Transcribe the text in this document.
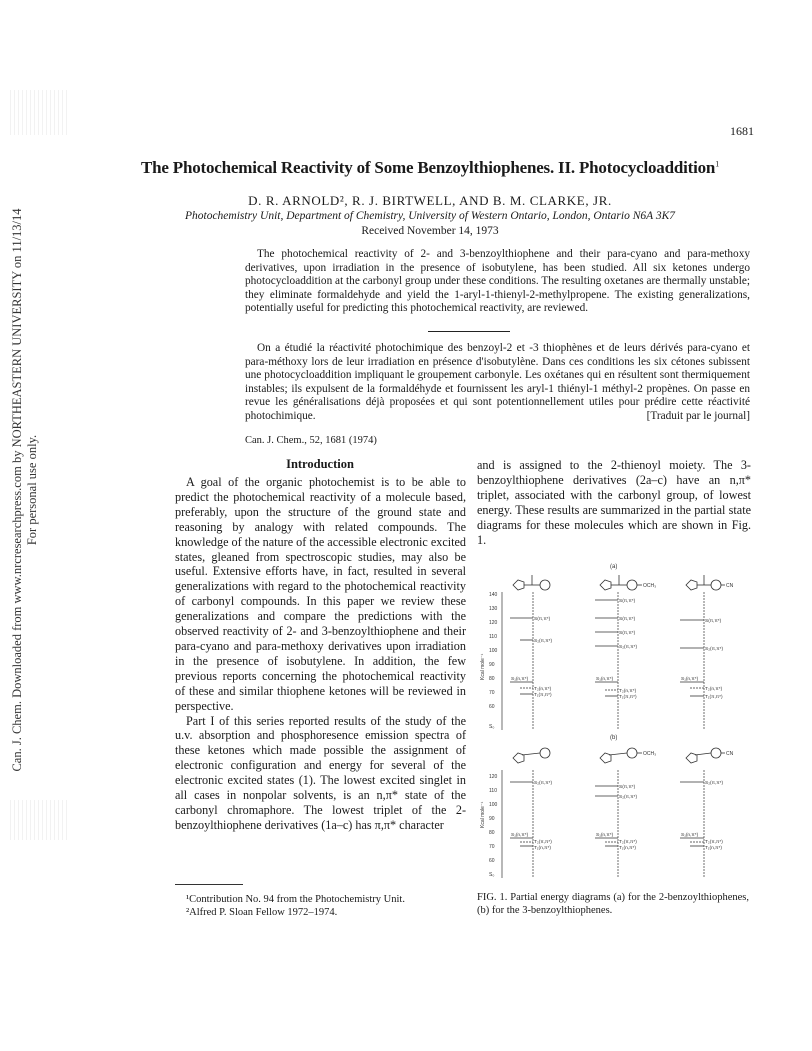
Can. J. Chem. Downloaded from www.nrcresearchpress.com by NORTHEASTERN UNIVERSITY on 11/13/14
For personal use only.
1681
The Photochemical Reactivity of Some Benzoylthiophenes. II. Photocycloaddition$^1$
D. R. ARNOLD², R. J. BIRTWELL, AND B. M. CLARKE, JR.
Photochemistry Unit, Department of Chemistry, University of Western Ontario, London, Ontario N6A 3K7
Received November 14, 1973
The photochemical reactivity of 2- and 3-benzoylthiophene and their para-cyano and para-methoxy derivatives, upon irradiation in the presence of isobutylene, has been studied. All six ketones undergo photocycloaddition at the carbonyl group under these conditions. The resulting oxetanes are thermally unstable; they eliminate formaldehyde and yield the 1-aryl-1-thienyl-2-methylpropene. The existing generalizations, potentially useful for predicting this photochemical reactivity, are reviewed.
On a étudié la réactivité photochimique des benzoyl-2 et -3 thiophènes et de leurs dérivés para-cyano et para-méthoxy lors de leur irradiation en présence d'isobutylène. Dans ces conditions les six cétones subissent une photocycloaddition impliquant le groupement carbonyle. Les oxétanes qui en résultent sont thermiquement instables; ils expulsent de la formaldéhyde et fournissent les aryl-1 thiényl-1 méthyl-2 propènes. On passe en revue les généralisations déjà proposées et qui sont potentionnellement utiles pour prédire cette réactivité photochimique.	[Traduit par le journal]
Can. J. Chem., 52, 1681 (1974)
Introduction

A goal of the organic photochemist is to be able to predict the photochemical reactivity of a molecule based, preferably, upon the structure of the ground state and reasoning by analogy with related compounds. The knowledge of the nature of the accessible electronic excited states, gleaned from spectroscopic studies, may also be useful. Extensive efforts have, in fact, resulted in several generalizations with regard to the photochemical reactivity of carbonyl compounds. In this paper we review these generalizations and compare the predictions with the observed reactivity of 2- and 3-benzoylthiophene and their para-cyano and para-methoxy derivatives upon irradiation in the presence of isobutylene. In addition, the few previous reports concerning the photochemical reactivity of these and similar thiophene ketones will be reviewed in perspective.

Part I of this series reported results of the study of the u.v. absorption and phosphoresence emission spectra of these ketones which made possible the assignment of electronic configuration and energy for several of the electronic excited states (1). The lowest excited singlet in all cases in nonpolar solvents, is an n,π* state of the carbonyl chromaphore. The lowest triplet of the 2-benzoylthiophene derivatives (1a–c) has π,π* character

and is assigned to the 2-thienoyl moiety. The 3-benzoylthiophene derivatives (2a–c) have an n,π* triplet, associated with the carbonyl group, of lowest energy. These results are summarized in the partial state diagrams for these molecules which are shown in Fig. 1.

(a)
(b)
OCH₃	CN
140
130
120
110
100
90
80
70
60
S₀
Kcal mole⁻¹
S(π,π*)
S₂(π,π*)
S₁(n,π*)
T₂(n,π*)
T₁(π,π*)
S(π,π*)
S(π,π*)
S(π,π*)
S₂(π,π*)
S₁(n,π*)
T₂(n,π*)
T₁(π,π*)
S(π,π*)
S₂(π,π*)
S₁(n,π*)
T₂(n,π*)
T₁(π,π*)
OCH₃	CN
120
110
100
90
80
70
60
S₀
Kcal mole⁻¹
S₂(π,π*)
S₁(n,π*)
T₂(π,π*)
T₁(n,π*)
S(π,π*)
S₂(π,π*)
S₁(n,π*)
T₂(π,π*)
T₁(n,π*)
S₂(π,π*)
S₁(n,π*)
T₂(π,π*)
T₁(n,π*)
¹Contribution No. 94 from the Photochemistry Unit.
²Alfred P. Sloan Fellow 1972–1974.
FIG. 1. Partial energy diagrams (a) for the 2-benzoylthiophenes, (b) for the 3-benzoylthiophenes.
